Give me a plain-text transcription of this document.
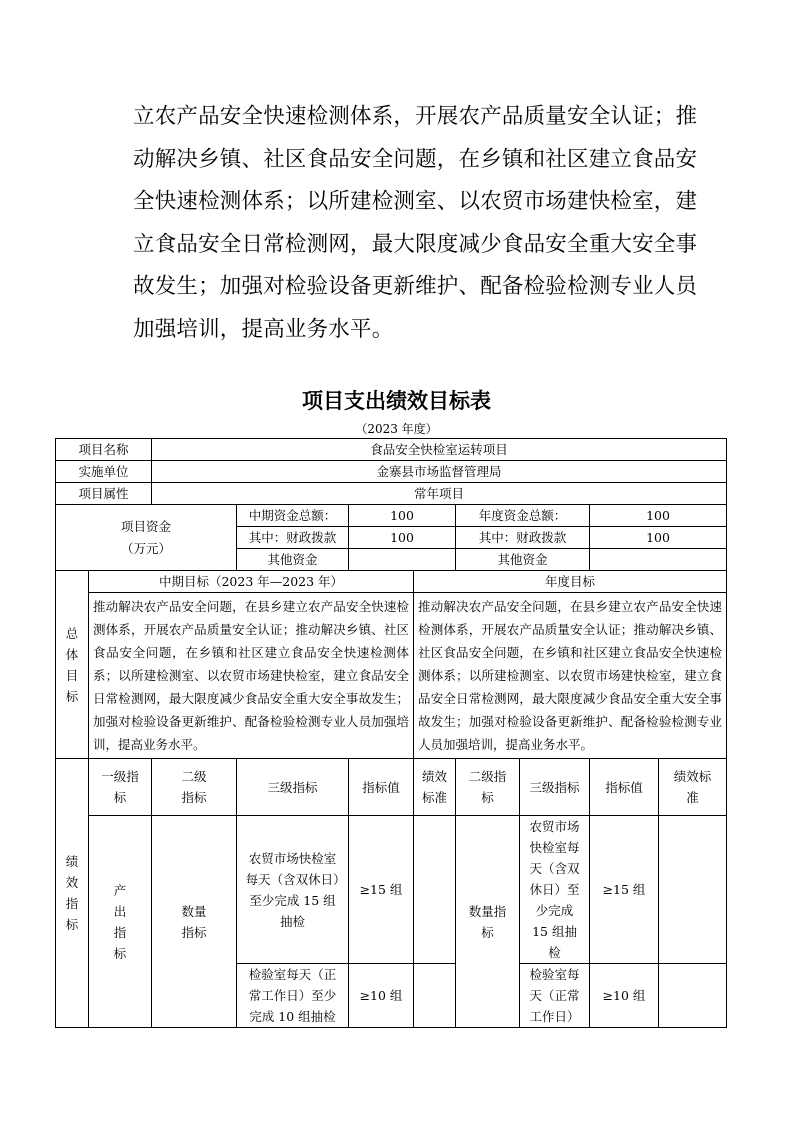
立农产品安全快速检测体系，开展农产品质量安全认证；推
动解决乡镇、社区食品安全问题，在乡镇和社区建立食品安
全快速检测体系；以所建检测室、以农贸市场建快检室，建
立食品安全日常检测网，最大限度减少食品安全重大安全事
故发生；加强对检验设备更新维护、配备检验检测专业人员
加强培训，提高业务水平。
项目支出绩效目标表
（2023 年度）
项目名称		食品安全快检室运转项目							
实施单位		金寨县市场监督管理局							
项目属性		常年项目							
项目资金
（万元）			中期资金总额：	100		年度资金总额：		100	
			其中：财政拨款	100		其中：财政拨款		100	
			其他资金			其他资金			
总
体
目
标	中期目标（2023 年—2023 年）				年度目标				
	推动解决农产品安全问题，在县乡建立农产品安全快速检测体系，开展农产品质量安全认证；推动解决乡镇、社区食品安全问题，在乡镇和社区建立食品安全快速检测体系；以所建检测室、以农贸市场建快检室，建立食品安全日常检测网，最大限度减少食品安全重大安全事故发生；加强对检验设备更新维护、配备检验检测专业人员加强培训，提高业务水平。				推动解决农产品安全问题，在县乡建立农产品安全快速检测体系，开展农产品质量安全认证；推动解决乡镇、社区食品安全问题，在乡镇和社区建立食品安全快速检测体系；以所建检测室、以农贸市场建快检室，建立食品安全日常检测网，最大限度减少食品安全重大安全事故发生；加强对检验设备更新维护、配备检验检测专业人员加强培训，提高业务水平。				
绩
效
指
标	一级指标	二级指标	三级指标	指标值	绩效标准	二级指标	三级指标	指标值	绩效标准
	产
出
指
标	数量指标	农贸市场快检室每天（含双休日）至少完成 15 组抽检	≥15 组		数量指标	农贸市场快检室每天（含双休日）至少完成 15 组抽检	≥15 组	
			检验室每天（正常工作日）至少完成 10 组抽检	≥10 组			检验室每天（正常工作日）	≥10 组	
